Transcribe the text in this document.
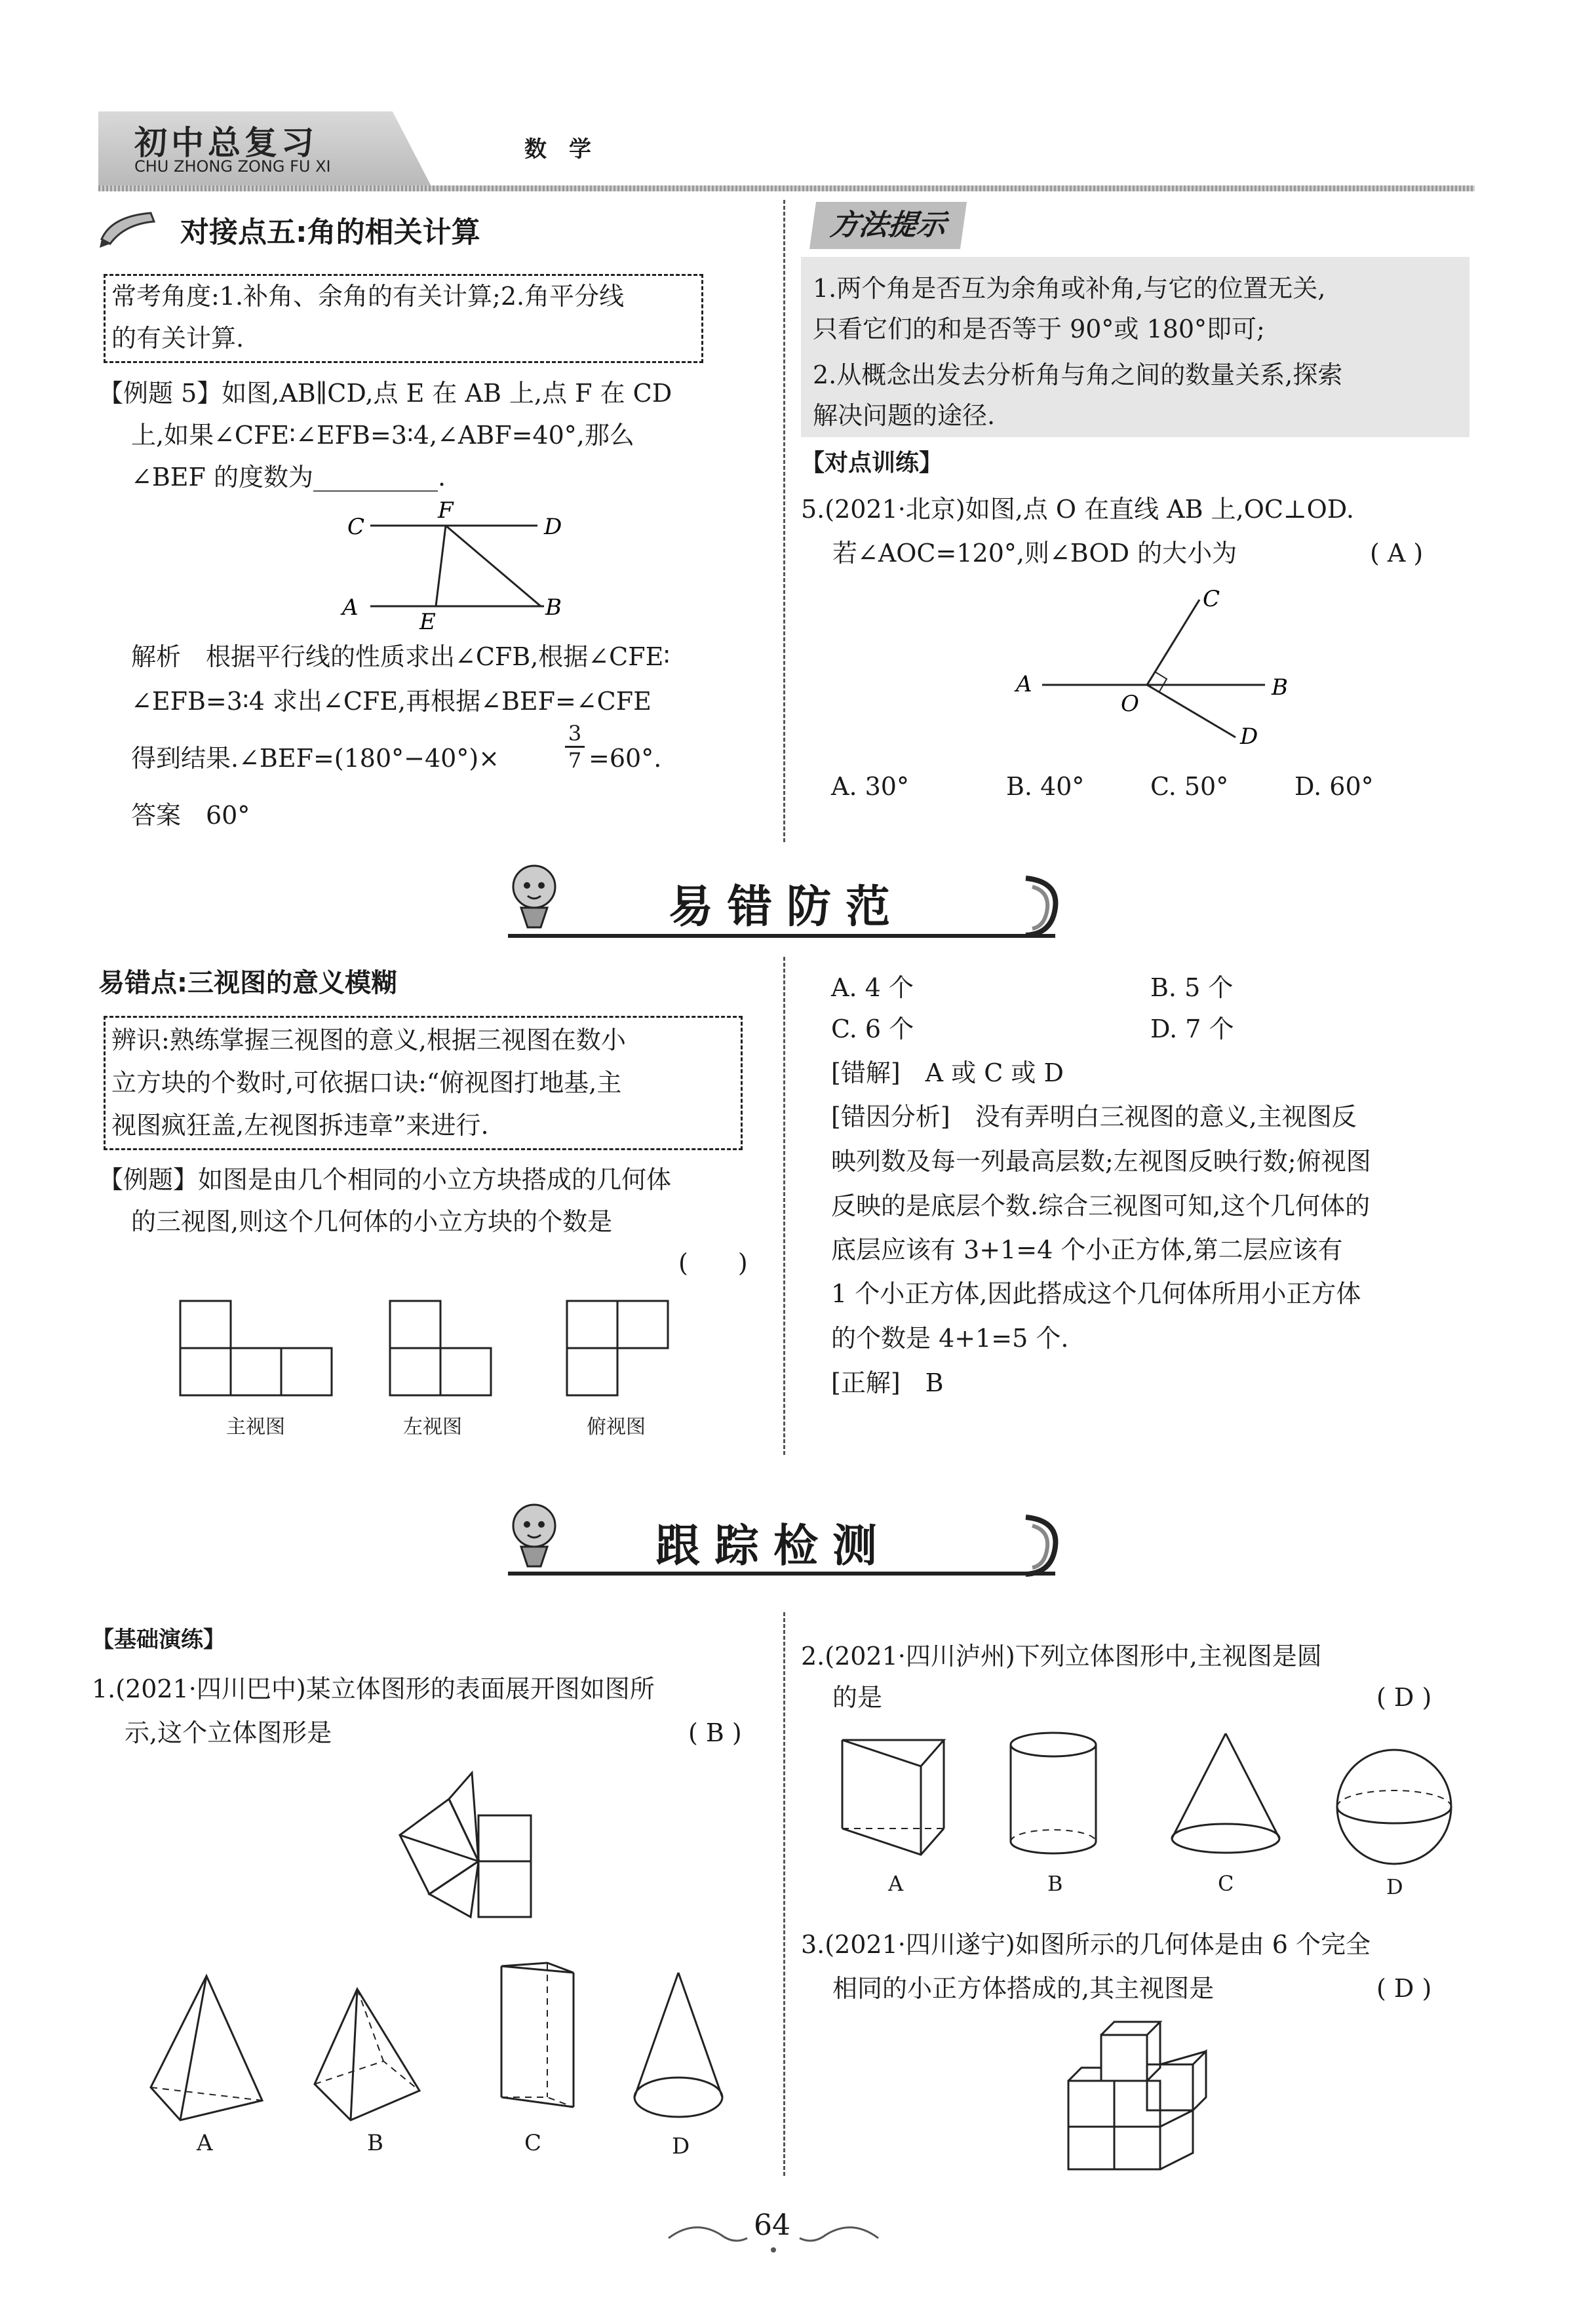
初中总复习
CHU ZHONG ZONG FU XI
数　学
对接点五:角的相关计算
常考角度:1.补角、余角的有关计算;2.角平分线
的有关计算.
【例题 5】如图,AB∥CD,点 E 在 AB 上,点 F 在 CD
上,如果∠CFE∶∠EFB=3∶4,∠ABF=40°,那么
∠BEF 的度数为__________.
C
F
D
A
E
B
解析　根据平行线的性质求出∠CFB,根据∠CFE∶
∠EFB=3∶4 求出∠CFE,再根据∠BEF=∠CFE
得到结果.∠BEF=(180°−40°)×	$\frac{3}{7} =60^\circ$.
答案　60°
方法提示
1.两个角是否互为余角或补角,与它的位置无关,
只看它们的和是否等于 90°或 180°即可;
2.从概念出发去分析角与角之间的数量关系,探索
解决问题的途径.
【对点训练】
5.(2021·北京)如图,点 O 在直线 AB 上,OC⊥OD.
若∠AOC=120°,则∠BOD 的大小为	( A )
A	B
C
D
O
A. 30°	B. 40°	C. 50°	D. 60°
易错防范
易错点:三视图的意义模糊
辨识:熟练掌握三视图的意义,根据三视图在数小
立方块的个数时,可依据口诀:“俯视图打地基,主
视图疯狂盖,左视图拆违章”来进行.
【例题】如图是由几个相同的小立方块搭成的几何体
的三视图,则这个几何体的小立方块的个数是
(　　)
主视图	左视图	俯视图
A. 4 个	B. 5 个
C. 6 个	D. 7 个
[错解]　A 或 C 或 D
[错因分析]　没有弄明白三视图的意义,主视图反
映列数及每一列最高层数;左视图反映行数;俯视图
反映的是底层个数.综合三视图可知,这个几何体的
底层应该有 3+1=4 个小正方体,第二层应该有
1 个小正方体,因此搭成这个几何体所用小正方体
的个数是 4+1=5 个.
[正解]　B
跟踪检测
【基础演练】
1.(2021·四川巴中)某立体图形的表面展开图如图所
示,这个立体图形是	( B )
A	B	C	D
2.(2021·四川泸州)下列立体图形中,主视图是圆
的是	( D )
A	B	C	D
3.(2021·四川遂宁)如图所示的几何体是由 6 个完全
相同的小正方体搭成的,其主视图是	( D )
64
